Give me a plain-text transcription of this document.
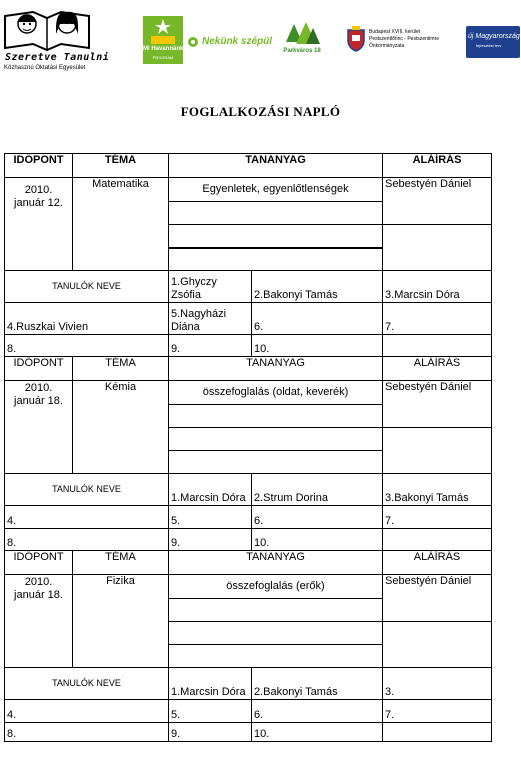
Szeretve Tanulni
Közhasznú Oktatási Egyesület
Mi Havannánk
PROGRAM
Nekünk szépül
Parkváros 18
Budapest XVIII. kerület
Pestszentlőrinc - Pestszentimre
Önkormányzata
új Magyarország
fejlesztési terv
FOGLALKOZÁSI NAPLÓ
IDŐPONT	TÉMA	TANANYAG		ALÁÍRÁS

2010.
január 12.	Matematika	Egyenletek, egyenlőtlenségek		Sebestyén Dániel

TANULÓK NEVE		1.Ghyczy Zsófia	2.Bakonyi Tamás	3.Marcsin Dóra
4.Ruszkai Vivien		5.Nagyházi Diána	6.	7.
8.		9.	10.	
IDŐPONT	TÉMA	TANANYAG		ALÁÍRÁS

2010.
január 18.	Kémia	összefoglalás (oldat, keverék)		Sebestyén Dániel

TANULÓK NEVE		1.Marcsin Dóra	2.Strum Dorina	3.Bakonyi Tamás
4.		5.	6.	7.
8.		9.	10.	
IDŐPONT	TÉMA	TANANYAG		ALÁÍRÁS

2010.
január 18.	Fizika	összefoglalás (erők)		Sebestyén Dániel

TANULÓK NEVE		1.Marcsin Dóra	2.Bakonyi Tamás	3.
4.		5.	6.	7.
8.		9.	10.	
